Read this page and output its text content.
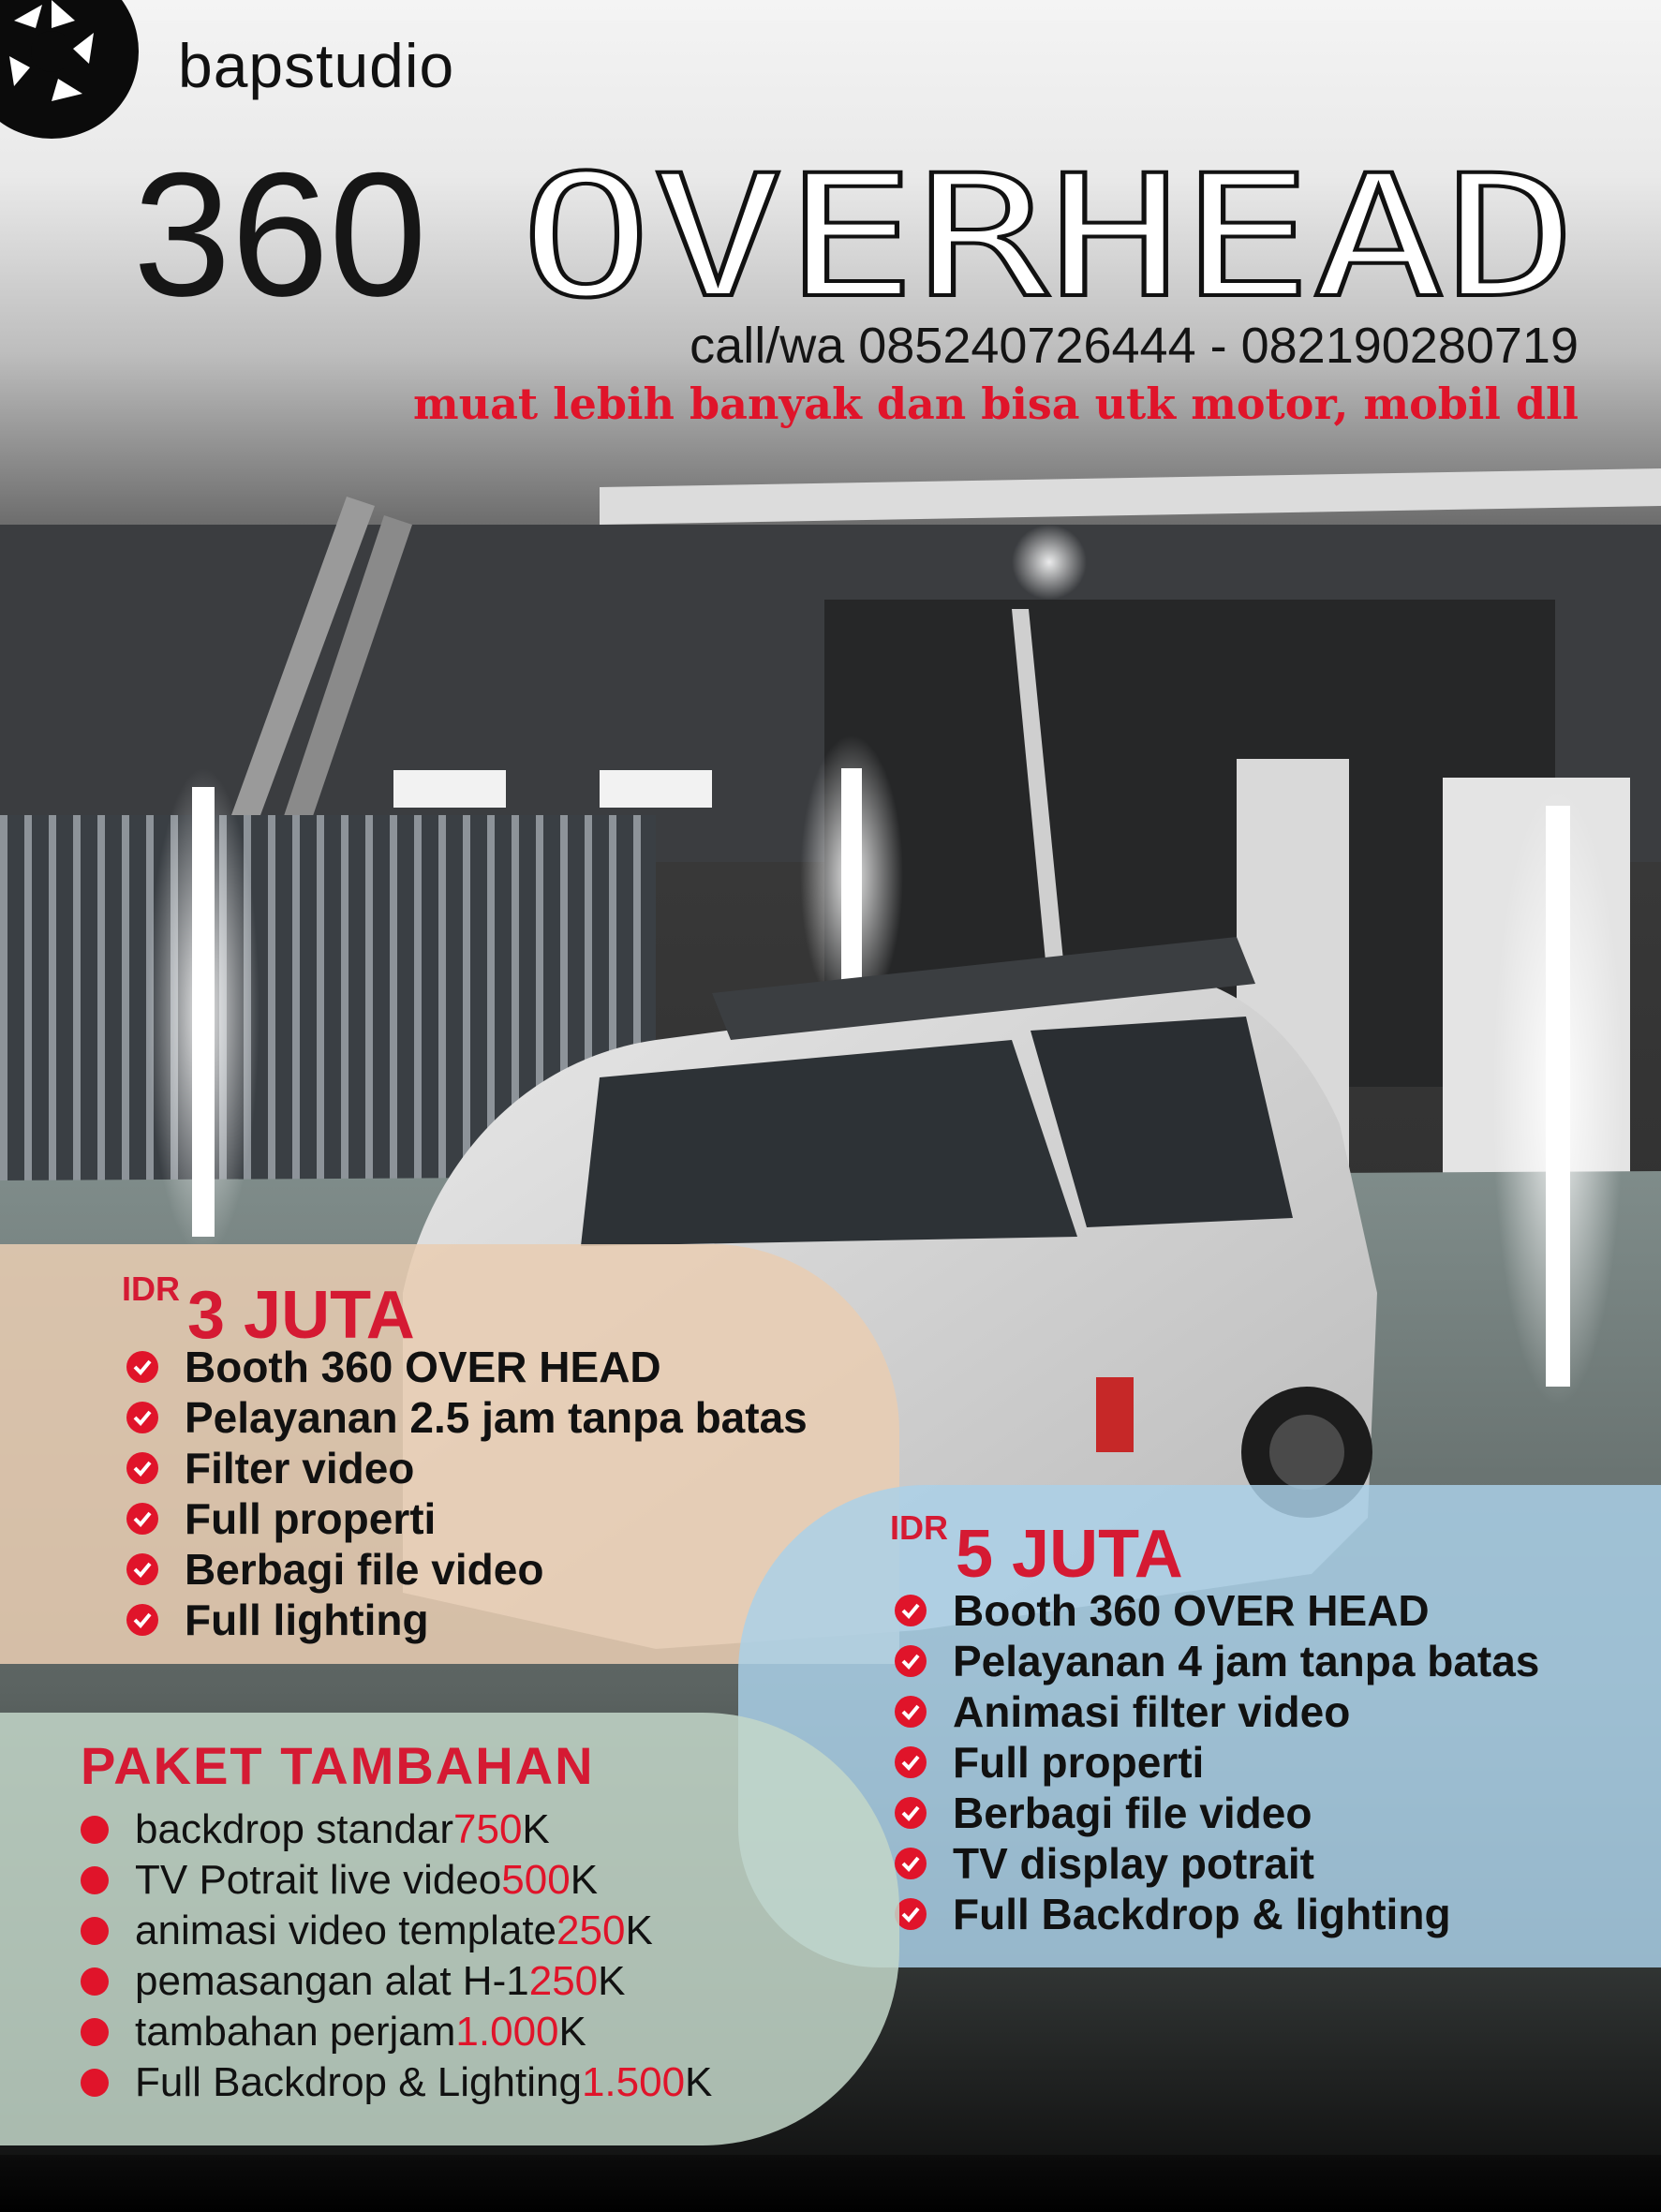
bapstudio
360 OVERHEAD
call/wa 085240726444 - 082190280719
muat lebih banyak dan bisa utk motor, mobil dll
IDR 3 JUTA
Booth 360 OVER HEAD
Pelayanan 2.5 jam tanpa batas
Filter video
Full properti
Berbagi file video
Full lighting
IDR 5 JUTA
Booth 360 OVER HEAD
Pelayanan 4 jam tanpa batas
Animasi filter video
Full properti
Berbagi file video
TV display potrait
Full Backdrop & lighting
PAKET TAMBAHAN
backdrop standar 750 K
TV Potrait live video 500 K
animasi video template 250 K
pemasangan alat H-1 250 K
tambahan perjam 1.000 K
Full Backdrop & Lighting 1.500 K
